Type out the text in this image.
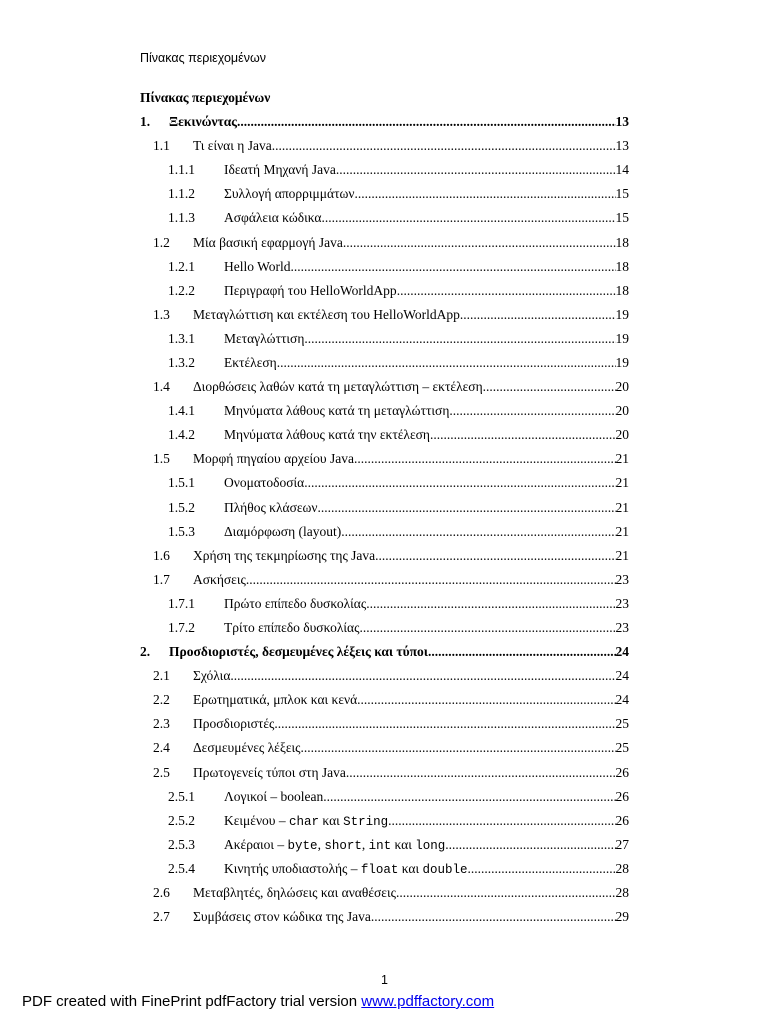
Πίνακας περιεχομένων
Πίνακας περιεχομένων
1.	Ξεκινώντας .....	13
1.1	Τι είναι η Java .....	13
1.1.1	Ιδεατή Μηχανή Java .....	14
1.1.2	Συλλογή απορριμμάτων .....	15
1.1.3	Ασφάλεια κώδικα .....	15
1.2	Μία βασική εφαρμογή Java .....	18
1.2.1	Hello World .....	18
1.2.2	Περιγραφή του HelloWorldApp .....	18
1.3	Μεταγλώττιση και εκτέλεση του HelloWorldApp .....	19
1.3.1	Μεταγλώττιση .....	19
1.3.2	Εκτέλεση .....	19
1.4	Διορθώσεις λαθών κατά τη μεταγλώττιση – εκτέλεση .....	20
1.4.1	Μηνύματα λάθους κατά τη μεταγλώττιση .....	20
1.4.2	Μηνύματα λάθους κατά την εκτέλεση .....	20
1.5	Μορφή πηγαίου αρχείου Java .....	21
1.5.1	Ονοματοδοσία .....	21
1.5.2	Πλήθος κλάσεων .....	21
1.5.3	Διαμόρφωση (layout) .....	21
1.6	Χρήση της τεκμηρίωσης της Java .....	21
1.7	Ασκήσεις .....	23
1.7.1	Πρώτο επίπεδο δυσκολίας .....	23
1.7.2	Τρίτο επίπεδο δυσκολίας .....	23
2.	Προσδιοριστές, δεσμευμένες λέξεις και τύποι .....	24
2.1	Σχόλια .....	24
2.2	Ερωτηματικά, μπλοκ και κενά .....	24
2.3	Προσδιοριστές .....	25
2.4	Δεσμευμένες λέξεις .....	25
2.5	Πρωτογενείς τύποι στη Java .....	26
2.5.1	Λογικοί – boolean .....	26
2.5.2	Κειμένου – char και String .....	26
2.5.3	Ακέραιοι – byte, short, int και long .....	27
2.5.4	Κινητής υποδιαστολής – float και double .....	28
2.6	Μεταβλητές, δηλώσεις και αναθέσεις .....	28
2.7	Συμβάσεις στον κώδικα της Java .....	29
1
PDF created with FinePrint pdfFactory trial version www.pdffactory.com
